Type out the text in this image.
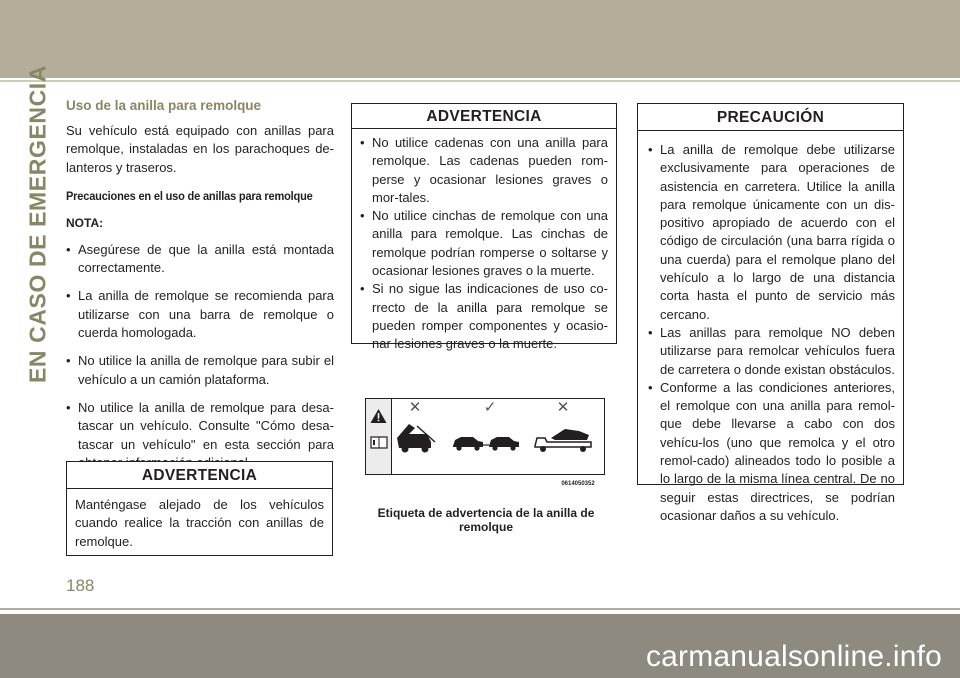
EN CASO DE EMERGENCIA Uso de la anilla para remolque

Su vehículo está equipado con anillas para remolque, instaladas en los parachoques de-lanteros y traseros.

Precauciones en el uso de anillas para remolque
NOTA:
• Asegúrese de que la anilla está montada correctamente.
• La anilla de remolque se recomienda para utilizarse con una barra de remolque o cuerda homologada.
• No utilice la anilla de remolque para subir el vehículo a un camión plataforma.
• No utilice la anilla de remolque para desa-tascar un vehículo. Consulte "Cómo desa-tascar un vehículo" en esta sección para
ADVERTENCIA
Manténgase alejado de los vehículos cuando realice la tracción con anillas de remolque.
ADVERTENCIA
• No utilice cadenas con una anilla para remolque. Las cadenas pueden rom-perse y ocasionar lesiones graves o mor-tales.
• No utilice cinchas de remolque con una anilla para remolque. Las cinchas de remolque podrían romperse o soltarse y ocasionar lesiones graves o la muerte.
• Si no sigue las indicaciones de uso co-rrecto de la anilla para remolque se pueden romper componentes y ocasio-nar lesiones graves o la muerte.
PRECAUCIÓN
• La anilla de remolque debe utilizarse exclusivamente para operaciones de asistencia en carretera. Utilice la anilla para remolque únicamente con un dis-positivo apropiado de acuerdo con el código de circulación (una barra rígida o una cuerda) para el remolque plano del vehículo a lo largo de una distancia corta hasta el punto de servicio más cercano.
• Las anillas para remolque NO deben utilizarse para remolcar vehículos fuera de carretera o donde existan obstáculos.
• Conforme a las condiciones anteriores, el remolque con una anilla para remol-que debe llevarse a cabo con dos vehícu-los (uno que remolca y el otro remol-cado) alineados todo lo posible a lo largo de la misma línea central. De no seguir estas directrices, se podrían ocasionar daños a su vehículo.
✕	✓	✕
0614050352
Etiqueta de advertencia de la anilla de remolque
188
carmanualsonline.info
